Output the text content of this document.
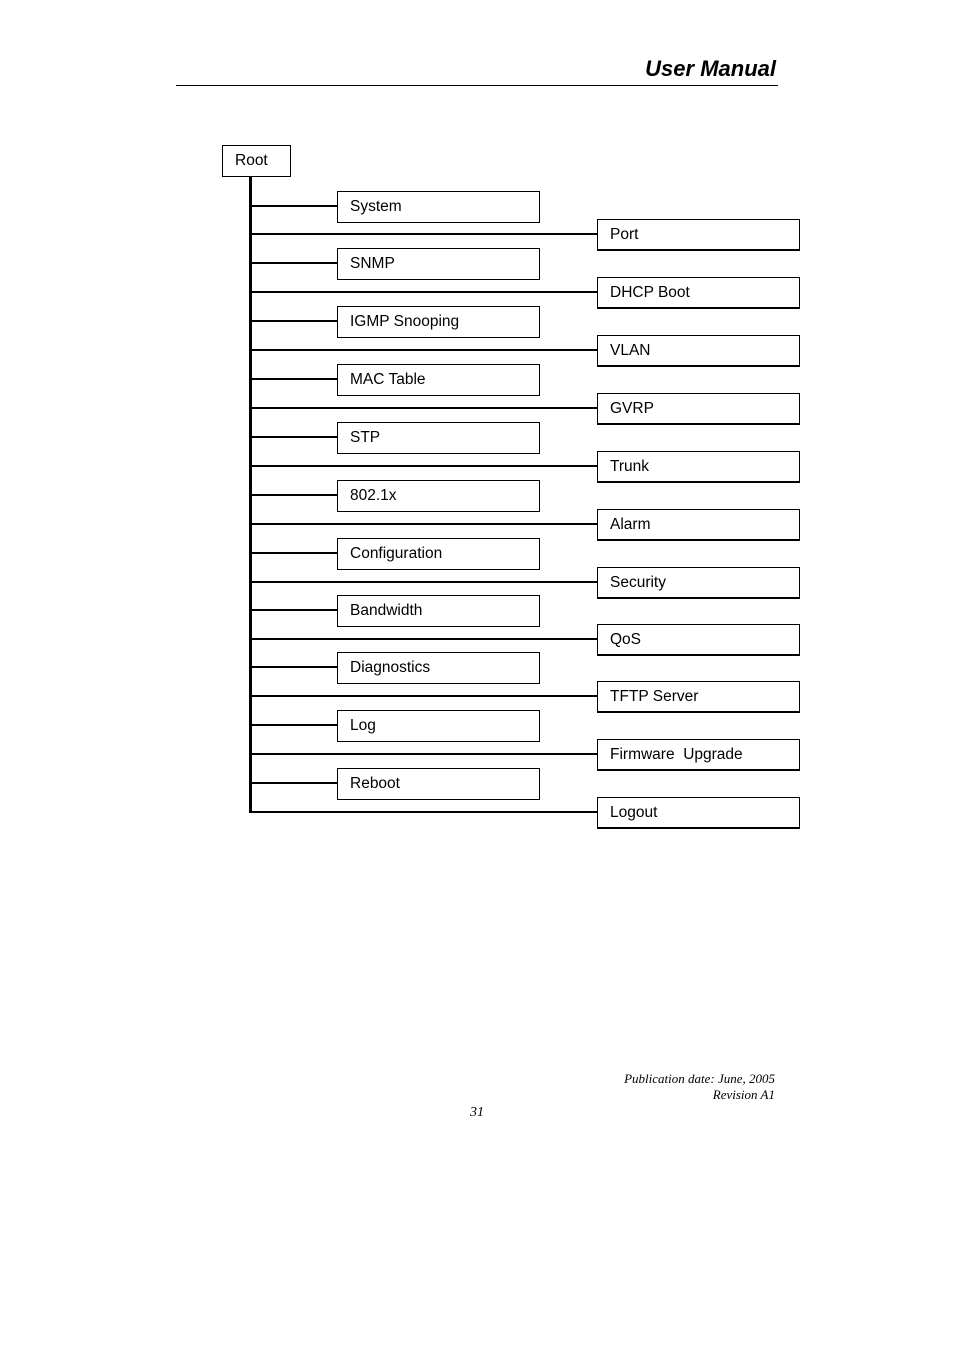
User Manual
Root
System
SNMP
IGMP Snooping
MAC Table
STP
802.1x
Configuration
Bandwidth
Diagnostics
Log
Reboot
Port
DHCP Boot
VLAN
GVRP
Trunk
Alarm
Security
QoS
TFTP Server
Firmware  Upgrade
Logout
Publication date: June, 2005
Revision A1
31
